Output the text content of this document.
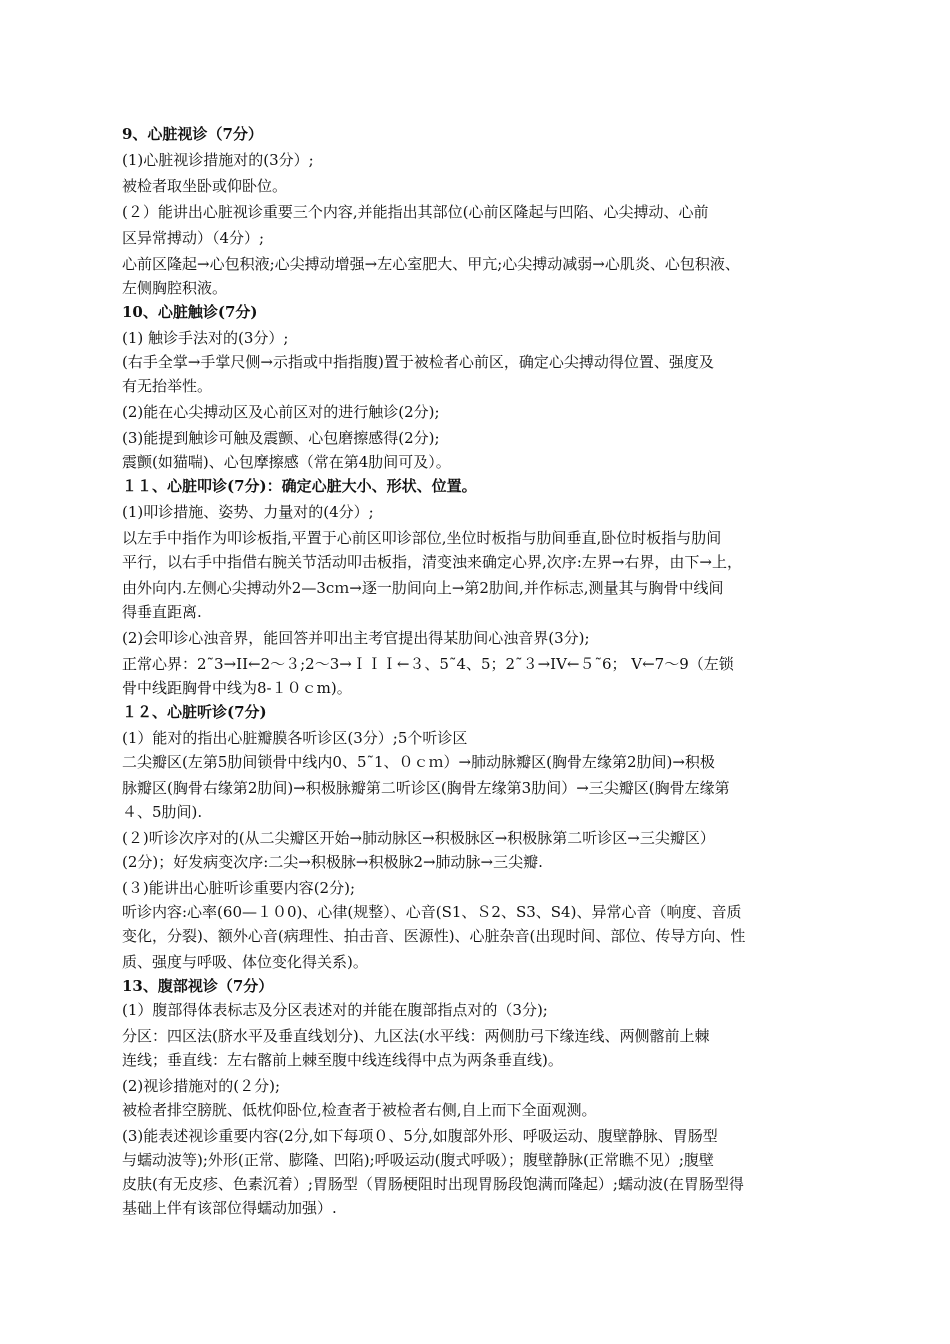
9、心脏视诊（7分）
(1)心脏视诊措施对的(3分）;
被检者取坐卧或仰卧位。
(２）能讲出心脏视诊重要三个内容,并能指出其部位(心前区隆起与凹陷、心尖搏动、心前
区异常搏动）（4分）;
心前区隆起→心包积液;心尖搏动增强→左心室肥大、甲亢;心尖搏动减弱→心肌炎、心包积液、
左侧胸腔积液。
10、心脏触诊(7分)
(1) 触诊手法对的(3分）;
(右手全掌→手掌尺侧→示指或中指指腹)置于被检者心前区，确定心尖搏动得位置、强度及
有无抬举性。
(2)能在心尖搏动区及心前区对的进行触诊(2分);
(3)能提到触诊可触及震颤、心包磨擦感得(2分);
震颤(如猫喘)、心包摩擦感（常在第4肋间可及）。
１１、心脏叩诊(7分)：确定心脏大小、形状、位置。
(1)叩诊措施、姿势、力量对的(4分）;
以左手中指作为叩诊板指,平置于心前区叩诊部位,坐位时板指与肋间垂直,卧位时板指与肋间
平行，以右手中指借右腕关节活动叩击板指，清变浊来确定心界,次序:左界→右界，由下→上，
由外向内.左侧心尖搏动外2—3cｍ→逐一肋间向上→第2肋间,并作标志,测量其与胸骨中线间
得垂直距离.
(2)会叩诊心浊音界，能回答并叩出主考官提出得某肋间心浊音界(3分);
正常心界：2˜3→II←2～３;2～3→ＩＩＩ←３、5˜4、5；2˜３→IV←５˜6； V←7～9（左锁
骨中线距胸骨中线为8-１０ｃm)。
１２、心脏听诊(7分)
(1）能对的指出心脏瓣膜各听诊区(3分）;5个听诊区
二尖瓣区(左第5肋间锁骨中线内0、5˜1、０ｃｍ）→肺动脉瓣区(胸骨左缘第2肋间)→积极
脉瓣区(胸骨右缘第2肋间)→积极脉瓣第二听诊区(胸骨左缘第3肋间）→三尖瓣区(胸骨左缘第
４、5肋间).
(２)听诊次序对的(从二尖瓣区开始→肺动脉区→积极脉区→积极脉第二听诊区→三尖瓣区）
(2分)；好发病变次序:二尖→积极脉→积极脉2→肺动脉→三尖瓣.
(３)能讲出心脏听诊重要内容(2分);
听诊内容:心率(60—１０0)、心律(规整）、心音(S1、Ｓ2、S3、S4)、异常心音（响度、音质
变化，分裂)、额外心音(病理性、拍击音、医源性)、心脏杂音(出现时间、部位、传导方向、性
质、强度与呼吸、体位变化得关系)。
13、腹部视诊（7分）
(1）腹部得体表标志及分区表述对的并能在腹部指点对的（3分);
分区：四区法(脐水平及垂直线划分)、九区法(水平线：两侧肋弓下缘连线、两侧髂前上棘
连线；垂直线：左右髂前上棘至腹中线连线得中点为两条垂直线)。
(2)视诊措施对的(２分);
被检者排空膀胱、低枕仰卧位,检查者于被检者右侧,自上而下全面观测。
(3)能表述视诊重要内容(2分,如下每项０、5分,如腹部外形、呼吸运动、腹壁静脉、胃肠型
与蠕动波等);外形(正常、膨隆、凹陷);呼吸运动(腹式呼吸）；腹壁静脉(正常瞧不见）;腹壁
皮肤(有无皮疹、色素沉着）;胃肠型（胃肠梗阻时出现胃肠段饱满而隆起）;蠕动波(在胃肠型得
基础上伴有该部位得蠕动加强）.
